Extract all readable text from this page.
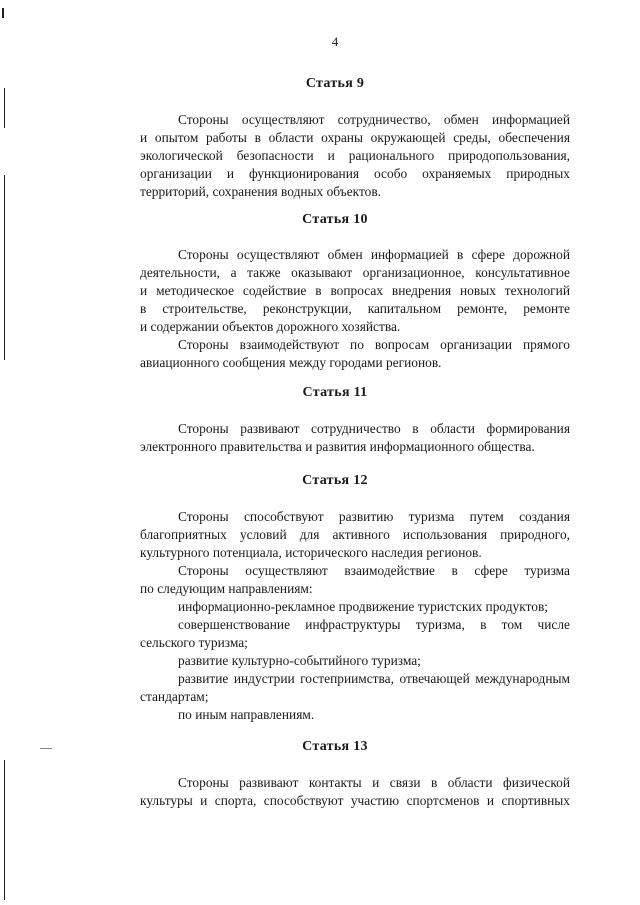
4
Статья 9
Стороны осуществляют сотрудничество, обмен информацией
и опытом работы в области охраны окружающей среды, обеспечения
экологической безопасности и рационального природопользования,
организации и функционирования особо охраняемых природных
территорий, сохранения водных объектов.
Статья 10
Стороны осуществляют обмен информацией в сфере дорожной
деятельности, а также оказывают организационное, консультативное
и методическое содействие в вопросах внедрения новых технологий
в строительстве, реконструкции, капитальном ремонте, ремонте
и содержании объектов дорожного хозяйства.
Стороны взаимодействуют по вопросам организации прямого
авиационного сообщения между городами регионов.
Статья 11
Стороны развивают сотрудничество в области формирования
электронного правительства и развития информационного общества.
Статья 12
Стороны способствуют развитию туризма путем создания
благоприятных условий для активного использования природного,
культурного потенциала, исторического наследия регионов.
Стороны осуществляют взаимодействие в сфере туризма
по следующим направлениям:
информационно-рекламное продвижение туристских продуктов;
совершенствование инфраструктуры туризма, в том числе
сельского туризма;
развитие культурно-событийного туризма;
развитие индустрии гостеприимства, отвечающей международным
стандартам;
по иным направлениям.
Статья 13
Стороны развивают контакты и связи в области физической
культуры и спорта, способствуют участию спортсменов и спортивных
